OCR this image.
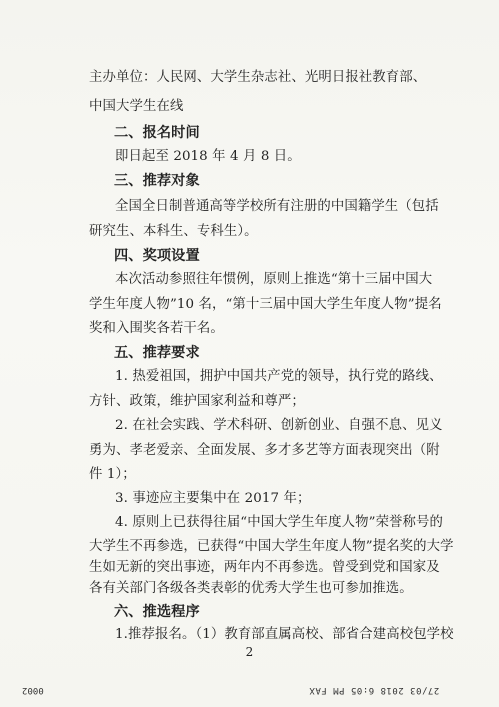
主办单位：人民网、大学生杂志社、光明日报社教育部、
中国大学生在线
二、报名时间
即日起至 2018 年 4 月 8 日。
三、推荐对象
全国全日制普通高等学校所有注册的中国籍学生（包括
研究生、本科生、专科生）。
四、奖项设置
本次活动参照往年惯例，原则上推选“第十三届中国大
学生年度人物”10 名，“第十三届中国大学生年度人物”提名
奖和入围奖各若干名。
五、推荐要求
1. 热爱祖国，拥护中国共产党的领导，执行党的路线、
方针、政策，维护国家利益和尊严；
2. 在社会实践、学术科研、创新创业、自强不息、见义
勇为、孝老爱亲、全面发展、多才多艺等方面表现突出（附
件 1）；
3. 事迹应主要集中在 2017 年；
4. 原则上已获得往届“中国大学生年度人物”荣誉称号的
大学生不再参选，已获得“中国大学生年度人物”提名奖的大学
生如无新的突出事迹，两年内不再参选。曾受到党和国家及
各有关部门各级各类表彰的优秀大学生也可参加推选。
六、推选程序
1.推荐报名。（1）教育部直属高校、部省合建高校包学校
2
27/03 2018 6:05 PM FAX
0002
